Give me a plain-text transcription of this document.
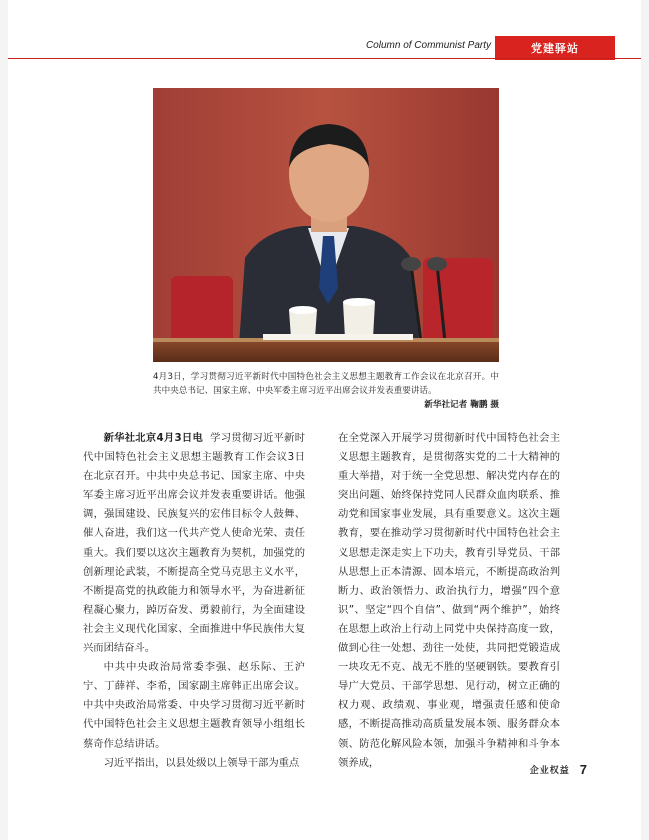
Column of Communist Party	党建驿站
4月3日，学习贯彻习近平新时代中国特色社会主义思想主题教育工作会议在北京召开。中共中央总书记、国家主席、中央军委主席习近平出席会议并发表重要讲话。
新华社记者 鞠鹏 摄

新华社北京4月3日电 学习贯彻习近平新时代中国特色社会主义思想主题教育工作会议3日在北京召开。中共中央总书记、国家主席、中央军委主席习近平出席会议并发表重要讲话。他强调，强国建设、民族复兴的宏伟目标令人鼓舞、催人奋进，我们这一代共产党人使命光荣、责任重大。我们要以这次主题教育为契机，加强党的创新理论武装，不断提高全党马克思主义水平，不断提高党的执政能力和领导水平，为奋进新征程凝心聚力，踔厉奋发、勇毅前行，为全面建设社会主义现代化国家、全面推进中华民族伟大复兴而团结奋斗。

中共中央政治局常委李强、赵乐际、王沪宁、丁薛祥、李希，国家副主席韩正出席会议。中共中央政治局常委、中央学习贯彻习近平新时代中国特色社会主义思想主题教育领导小组组长蔡奇作总结讲话。

习近平指出，以县处级以上领导干部为重点

在全党深入开展学习贯彻新时代中国特色社会主义思想主题教育，是贯彻落实党的二十大精神的重大举措，对于统一全党思想、解决党内存在的突出问题、始终保持党同人民群众血肉联系、推动党和国家事业发展，具有重要意义。这次主题教育，要在推动学习贯彻新时代中国特色社会主义思想走深走实上下功夫，教育引导党员、干部从思想上正本清源、固本培元，不断提高政治判断力、政治领悟力、政治执行力，增强“四个意识”、坚定“四个自信”、做到“两个维护”，始终在思想上政治上行动上同党中央保持高度一致，做到心往一处想、劲往一处使，共同把党锻造成一块攻无不克、战无不胜的坚硬钢铁。要教育引导广大党员、干部学思想、见行动，树立正确的权力观、政绩观、事业观，增强责任感和使命感，不断提高推动高质量发展本领、服务群众本领、防范化解风险本领，加强斗争精神和斗争本领养成，

企业权益 7
